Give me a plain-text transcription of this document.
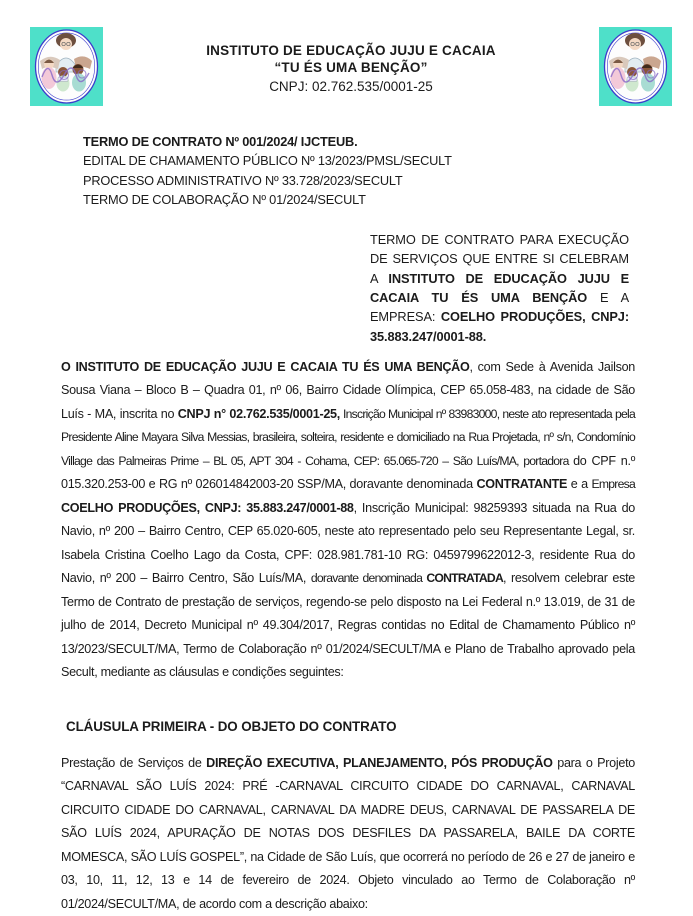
INSTITUTO DE EDUCAÇÃO JUJU E CACAIA
“TU ÉS UMA BENÇÃO”
CNPJ: 02.762.535/0001-25
TERMO DE CONTRATO Nº 001/2024/ IJCTEUB.
EDITAL DE CHAMAMENTO PÚBLICO Nº 13/2023/PMSL/SECULT
PROCESSO ADMINISTRATIVO Nº 33.728/2023/SECULT
TERMO DE COLABORAÇÃO Nº 01/2024/SECULT
TERMO DE CONTRATO PARA EXECUÇÃO DE SERVIÇOS QUE ENTRE SI CELEBRAM A INSTITUTO DE EDUCAÇÃO JUJU E CACAIA TU ÉS UMA BENÇÃO E A EMPRESA: COELHO PRODUÇÕES, CNPJ: 35.883.247/0001-88.
O INSTITUTO DE EDUCAÇÃO JUJU E CACAIA TU ÉS UMA BENÇÃO, com Sede à Avenida Jailson Sousa Viana – Bloco B – Quadra 01, nº 06, Bairro Cidade Olímpica, CEP 65.058-483, na cidade de São Luís - MA, inscrita no CNPJ n° 02.762.535/0001-25, Inscrição Municipal nº 83983000, neste ato representada pela Presidente Aline Mayara Silva Messias, brasileira, solteira, residente e domiciliado na Rua Projetada, nº s/n, Condomínio Village das Palmeiras Prime – BL 05, APT 304 - Cohama, CEP: 65.065-720 – São Luís/MA, portadora do CPF n.º 015.320.253-00 e RG nº 026014842003-20 SSP/MA, doravante denominada CONTRATANTE e a Empresa COELHO PRODUÇÕES, CNPJ: 35.883.247/0001-88, Inscrição Municipal: 98259393 situada na Rua do Navio, nº 200 – Bairro Centro, CEP 65.020-605, neste ato representado pelo seu Representante Legal, sr. Isabela Cristina Coelho Lago da Costa, CPF: 028.981.781-10 RG: 0459799622012-3, residente Rua do Navio, nº 200 – Bairro Centro, São Luís/MA, doravante denominada CONTRATADA, resolvem celebrar este Termo de Contrato de prestação de serviços, regendo-se pelo disposto na Lei Federal n.º 13.019, de 31 de julho de 2014, Decreto Municipal nº 49.304/2017, Regras contidas no Edital de Chamamento Público nº 13/2023/SECULT/MA, Termo de Colaboração nº 01/2024/SECULT/MA e Plano de Trabalho aprovado pela Secult, mediante as cláusulas e condições seguintes:
CLÁUSULA PRIMEIRA - DO OBJETO DO CONTRATO
Prestação de Serviços de DIREÇÃO EXECUTIVA, PLANEJAMENTO, PÓS PRODUÇÃO para o Projeto “CARNAVAL SÃO LUÍS 2024: PRÉ -CARNAVAL CIRCUITO CIDADE DO CARNAVAL, CARNAVAL CIRCUITO CIDADE DO CARNAVAL, CARNAVAL DA MADRE DEUS, CARNAVAL DE PASSARELA DE SÃO LUÍS 2024, APURAÇÃO DE NOTAS DOS DESFILES DA PASSARELA, BAILE DA CORTE MOMESCA, SÃO LUÍS GOSPEL”, na Cidade de São Luís, que ocorrerá no período de 26 e 27 de janeiro e 03, 10, 11, 12, 13 e 14 de fevereiro de 2024. Objeto vinculado ao Termo de Colaboração nº 01/2024/SECULT/MA, de acordo com a descrição abaixo:
